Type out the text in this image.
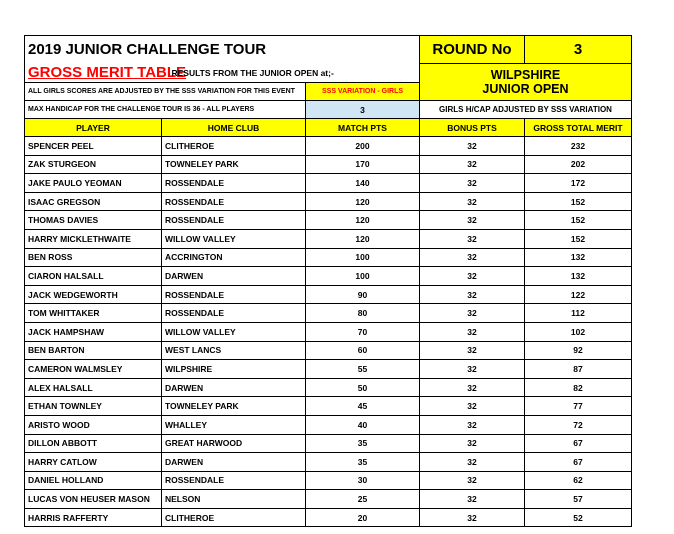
2019 JUNIOR CHALLENGE TOUR			ROUND No	3
GROSS MERIT TABLE	RESULTS FROM THE JUNIOR OPEN at;-		WILPSHIRE
JUNIOR OPEN	

ALL GIRLS SCORES ARE ADJUSTED BY THE SSS VARIATION FOR THIS EVENT		SSS VARIATION - GIRLS		
MAX HANDICAP FOR THE CHALLENGE TOUR IS 36 - ALL PLAYERS		3	GIRLS H/CAP ADJUSTED BY SSS VARIATION	
PLAYER	HOME CLUB	MATCH PTS	BONUS PTS	GROSS TOTAL MERIT
SPENCER PEEL	CLITHEROE	200	32	232
ZAK STURGEON	TOWNELEY PARK	170	32	202
JAKE PAULO YEOMAN	ROSSENDALE	140	32	172
ISAAC GREGSON	ROSSENDALE	120	32	152
THOMAS DAVIES	ROSSENDALE	120	32	152
HARRY MICKLETHWAITE	WILLOW VALLEY	120	32	152
BEN ROSS	ACCRINGTON	100	32	132
CIARON HALSALL	DARWEN	100	32	132
JACK WEDGEWORTH	ROSSENDALE	90	32	122
TOM WHITTAKER	ROSSENDALE	80	32	112
JACK HAMPSHAW	WILLOW VALLEY	70	32	102
BEN BARTON	WEST LANCS	60	32	92
CAMERON WALMSLEY	WILPSHIRE	55	32	87
ALEX HALSALL	DARWEN	50	32	82
ETHAN TOWNLEY	TOWNELEY PARK	45	32	77
ARISTO WOOD	WHALLEY	40	32	72
DILLON ABBOTT	GREAT HARWOOD	35	32	67
HARRY CATLOW	DARWEN	35	32	67
DANIEL HOLLAND	ROSSENDALE	30	32	62
LUCAS VON HEUSER MASON	NELSON	25	32	57
HARRIS RAFFERTY	CLITHEROE	20	32	52
